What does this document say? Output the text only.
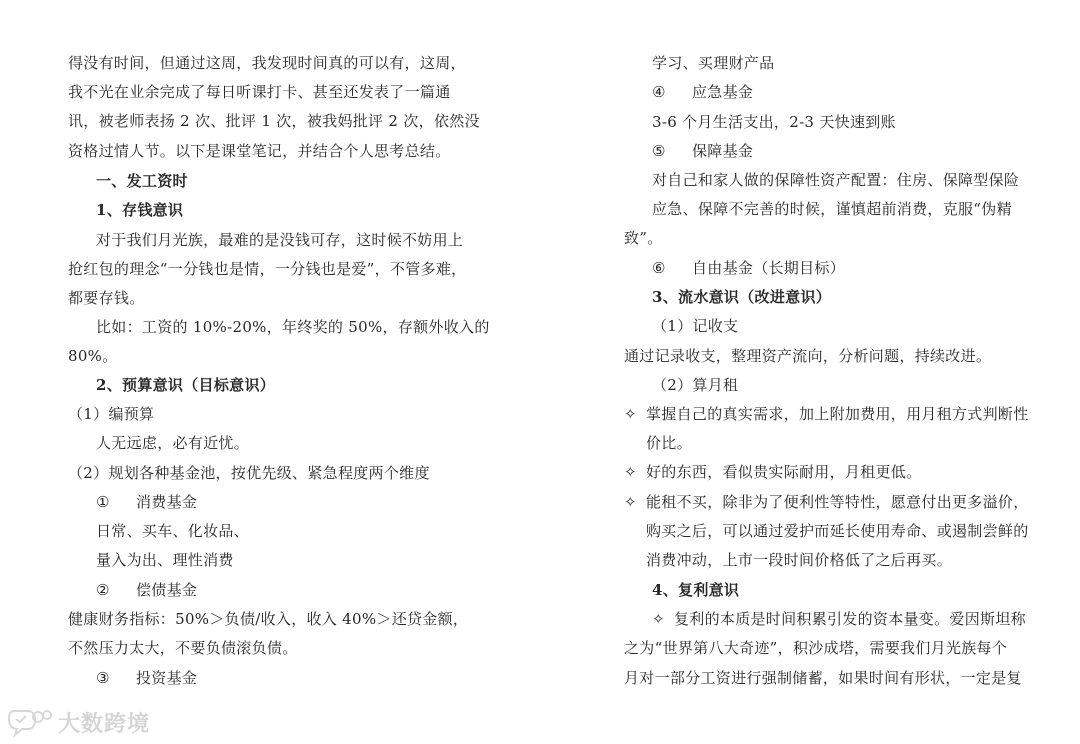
得没有时间，但通过这周，我发现时间真的可以有，这周，
我不光在业余完成了每日听课打卡、甚至还发表了一篇通
讯，被老师表扬 2 次、批评 1 次，被我妈批评 2 次，依然没
资格过情人节。以下是课堂笔记，并结合个人思考总结。
一、发工资时
1、存钱意识
对于我们月光族，最难的是没钱可存，这时候不妨用上
抢红包的理念“一分钱也是情，一分钱也是爱”，不管多难，
都要存钱。
比如：工资的 10%-20%，年终奖的 50%，存额外收入的
80%。
2、预算意识（目标意识）
（1）编预算
人无远虑，必有近忧。
（2）规划各种基金池，按优先级、紧急程度两个维度
① 消费基金
日常、买车、化妆品、
量入为出、理性消费
② 偿债基金
健康财务指标：50%＞负债/收入，收入 40%＞还贷金额，
不然压力太大，不要负债滚负债。
③ 投资基金
学习、买理财产品
④ 应急基金
3-6 个月生活支出，2-3 天快速到账
⑤ 保障基金
对自己和家人做的保障性资产配置：住房、保障型保险
应急、保障不完善的时候，谨慎超前消费，克服“伪精
致”。
⑥ 自由基金（长期目标）
3、流水意识（改进意识）
（1）记收支
通过记录收支，整理资产流向，分析问题，持续改进。
（2）算月租
✧ 掌握自己的真实需求，加上附加费用，用月租方式判断性
价比。
✧ 好的东西，看似贵实际耐用，月租更低。
✧ 能租不买，除非为了便利性等特性，愿意付出更多溢价，
购买之后，可以通过爱护而延长使用寿命、或遏制尝鲜的
消费冲动，上市一段时间价格低了之后再买。
4、复利意识
✧ 复利的本质是时间积累引发的资本量变。爱因斯坦称
之为“世界第八大奇迹”，积沙成塔，需要我们月光族每个
月对一部分工资进行强制储蓄，如果时间有形状，一定是复
大数跨境
